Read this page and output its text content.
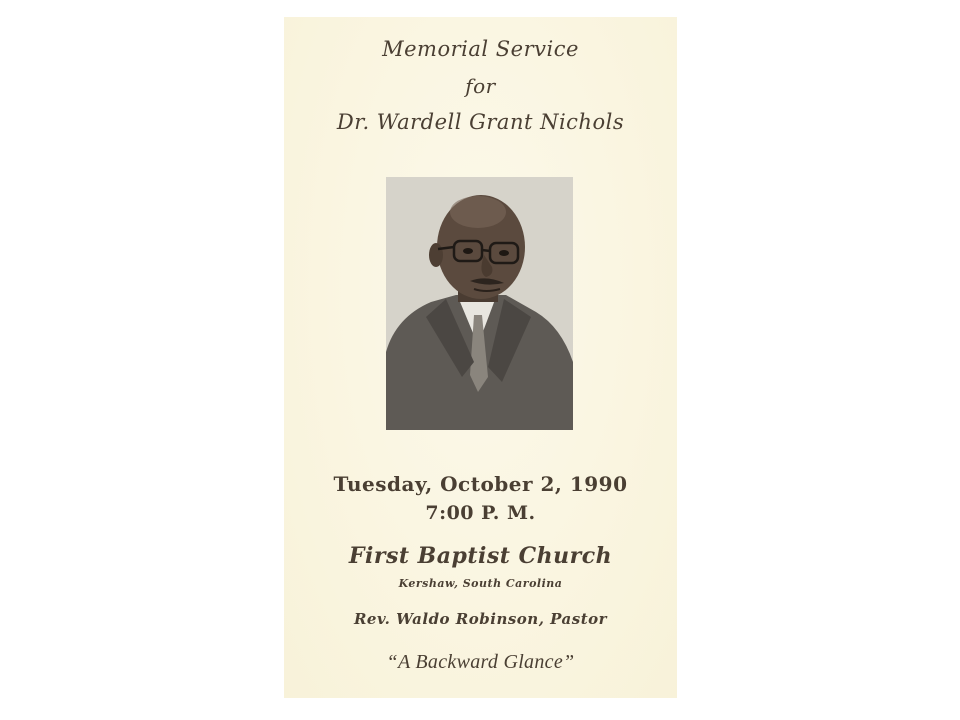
Memorial Service
for
Dr. Wardell Grant Nichols
Tuesday, October 2, 1990
7:00 P. M.
First Baptist Church
Kershaw, South Carolina
Rev. Waldo Robinson, Pastor
“A Backward Glance”
